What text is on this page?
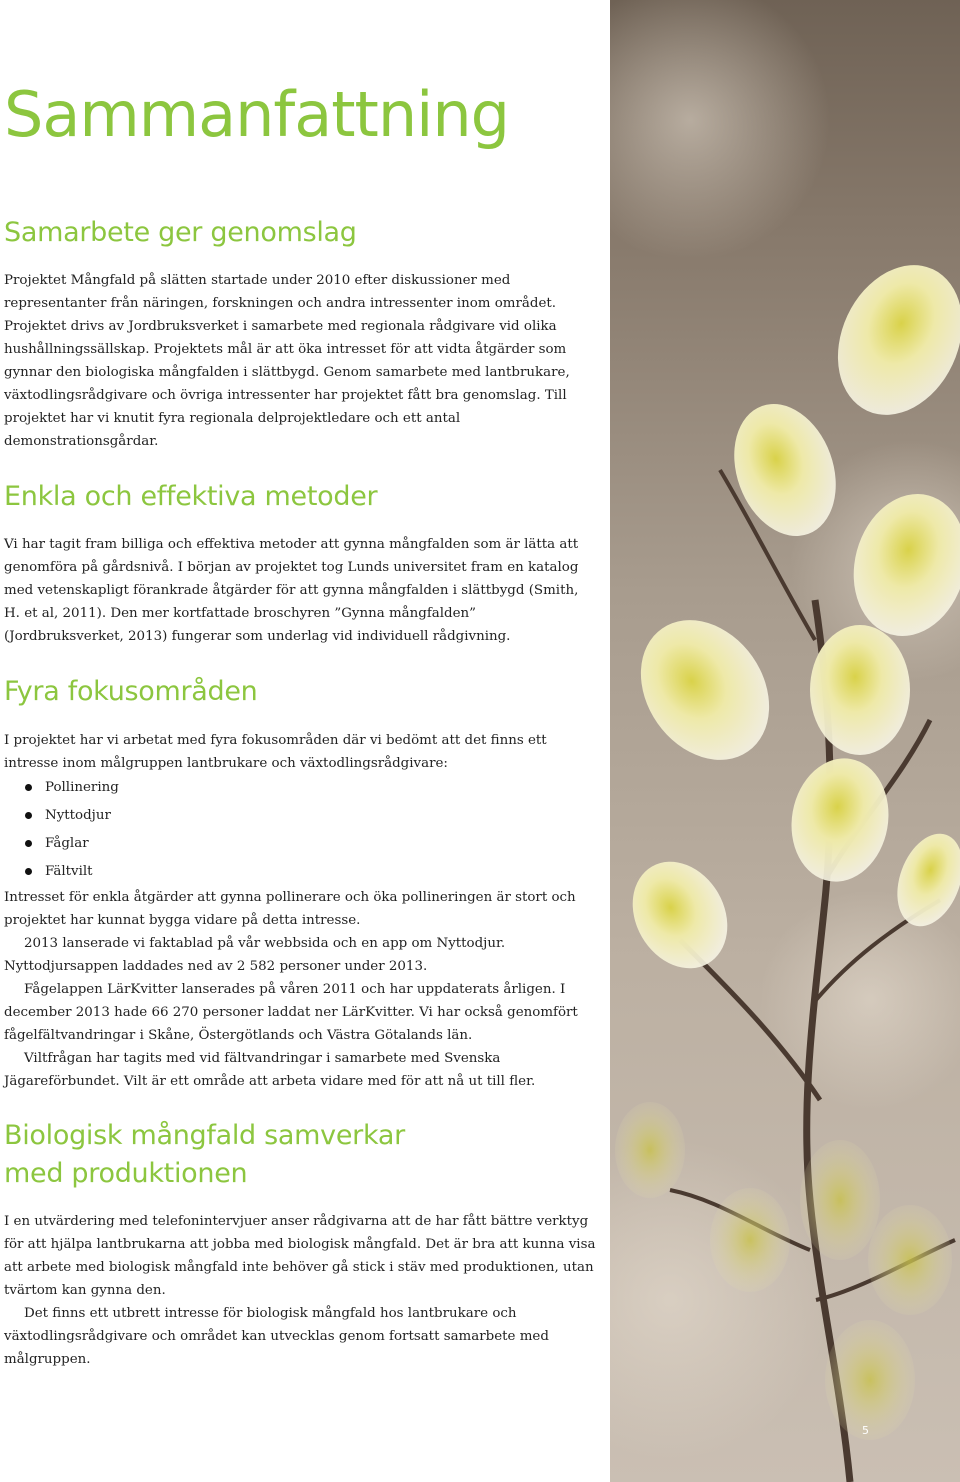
Sammanfattning
Samarbete ger genomslag

Projektet Mångfald på slätten startade under 2010 efter diskussioner med representanter från näringen, forskningen och andra intressenter inom området. Projektet drivs av Jordbruksverket i samarbete med regionala rådgivare vid olika hushållningssällskap. Projektets mål är att öka intresset för att vidta åtgärder som gynnar den biologiska mångfalden i slättbygd. Genom samarbete med lantbrukare, växtodlingsrådgivare och övriga intressenter har projektet fått bra genomslag. Till projektet har vi knutit fyra regionala delprojektledare och ett antal demonstrationsgårdar.

Enkla och effektiva metoder

Vi har tagit fram billiga och effektiva metoder att gynna mångfalden som är lätta att genomföra på gårdsnivå. I början av projektet tog Lunds universitet fram en katalog med vetenskapligt förankrade åtgärder för att gynna mångfalden i slättbygd (Smith, H. et al, 2011). Den mer kortfattade broschyren ”Gynna mångfalden” (Jordbruksverket, 2013) fungerar som underlag vid individuell rådgivning.

Fyra fokusområden

I projektet har vi arbetat med fyra fokusområden där vi bedömt att det finns ett intresse inom målgruppen lantbrukare och växtodlingsrådgivare:

Pollinering
Nyttodjur
Fåglar
Fältvilt

Intresset för enkla åtgärder att gynna pollinerare och öka pollineringen är stort och projektet har kunnat bygga vidare på detta intresse.

2013 lanserade vi faktablad på vår webbsida och en app om Nyttodjur. Nyttodjursappen laddades ned av 2 582 personer under 2013.

Fågelappen LärKvitter lanserades på våren 2011 och har uppdaterats årligen. I december 2013 hade 66 270 personer laddat ner LärKvitter. Vi har också genomfört fågelfältvandringar i Skåne, Östergötlands och Västra Götalands län.

Viltfrågan har tagits med vid fältvandringar i samarbete med Svenska Jägareförbundet. Vilt är ett område att arbeta vidare med för att nå ut till fler.

Biologisk mångfald samverkar
med produktionen

I en utvärdering med telefonintervjuer anser rådgivarna att de har fått bättre verktyg för att hjälpa lantbrukarna att jobba med biologisk mångfald. Det är bra att kunna visa att arbete med biologisk mångfald inte behöver gå stick i stäv med produktionen, utan tvärtom kan gynna den.

Det finns ett utbrett intresse för biologisk mångfald hos lantbrukare och växtodlingsrådgivare och området kan utvecklas genom fortsatt samarbete med målgruppen.

5
